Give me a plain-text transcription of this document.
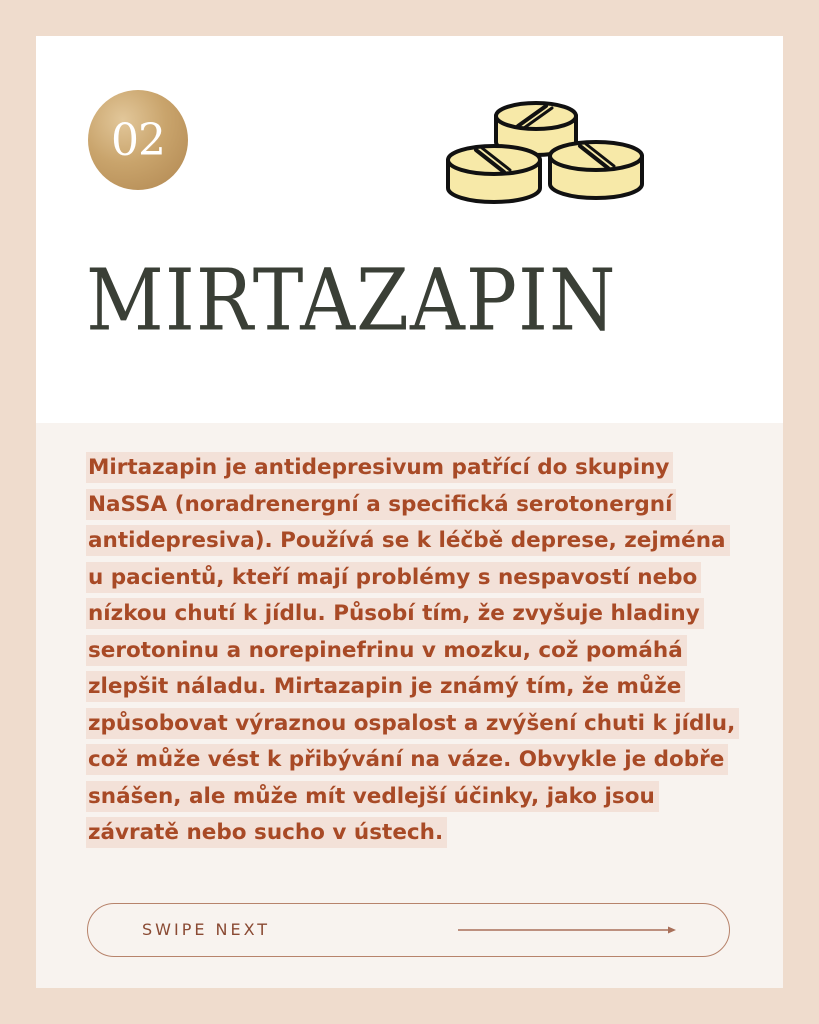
02
MIRTAZAPIN

Mirtazapin je antidepresivum patřící do skupiny NaSSA (noradrenergní a specifická serotonergní antidepresiva). Používá se k léčbě deprese, zejména u pacientů, kteří mají problémy s nespavostí nebo nízkou chutí k jídlu. Působí tím, že zvyšuje hladiny serotoninu a norepinefrinu v mozku, což pomáhá zlepšit náladu. Mirtazapin je známý tím, že může způsobovat výraznou ospalost a zvýšení chuti k jídlu, což může vést k přibývání na váze. Obvykle je dobře snášen, ale může mít vedlejší účinky, jako jsou závratě nebo sucho v ústech.

SWIPE NEXT
